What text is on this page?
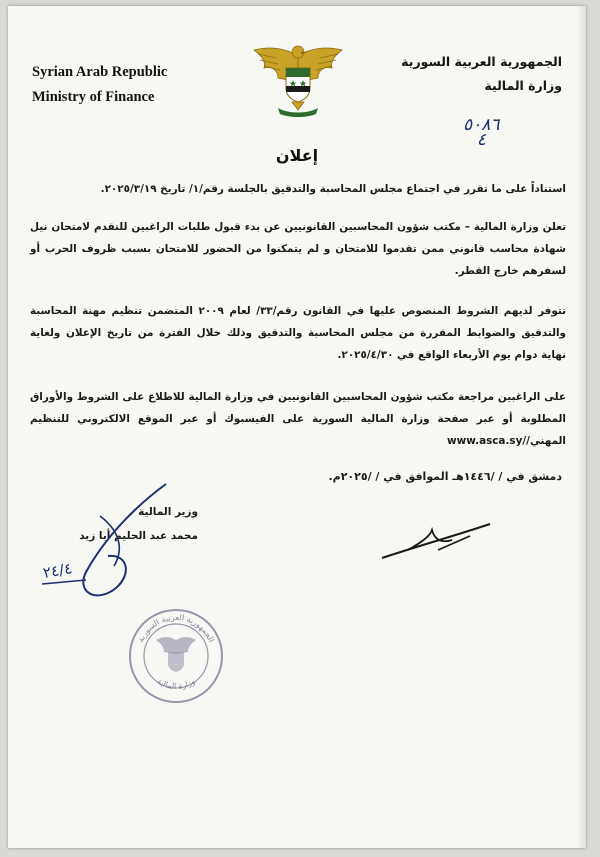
Syrian Arab Republic
Ministry of Finance
الجمهورية العربية السورية
وزارة المالية
٥٠٨٦
٤
إعلان
استناداً على ما تقرر في اجتماع مجلس المحاسبة والتدقيق بالجلسة رقم/١/ تاريخ ٢٠٢٥/٣/١٩.
تعلن وزارة المالية – مكتب شؤون المحاسبين القانونيين عن بدء قبول طلبات الراغبين للتقدم لامتحان نيل شهادة محاسب قانوني ممن تقدموا للامتحان و لم يتمكنوا من الحضور للامتحان بسبب ظروف الحرب أو لسفرهم خارج القطر.
تتوفر لديهم الشروط المنصوص عليها في القانون رقم/٣٣/ لعام ٢٠٠٩ المتضمن تنظيم مهنة المحاسبة والتدقيق والضوابط المقررة من مجلس المحاسبة والتدقيق وذلك خلال الفترة من تاريخ الإعلان ولغاية نهاية دوام يوم الأربعاء الواقع في ٢٠٢٥/٤/٣٠.
على الراغبين مراجعة مكتب شؤون المحاسبين القانونيين في وزارة المالية للاطلاع على الشروط والأوراق المطلوبة أو عبر صفحة وزارة المالية السورية على الفيسبوك أو عبر الموقع الالكتروني للتنظيم المهني/www.asca.sy/
دمشق في / /١٤٤٦هـ الموافق في / /٢٠٢٥م.
وزير المالية
محمد عبد الحليم أبا زيد
٢٤/٤
الجمهورية العربية السورية
وزارة المالية
